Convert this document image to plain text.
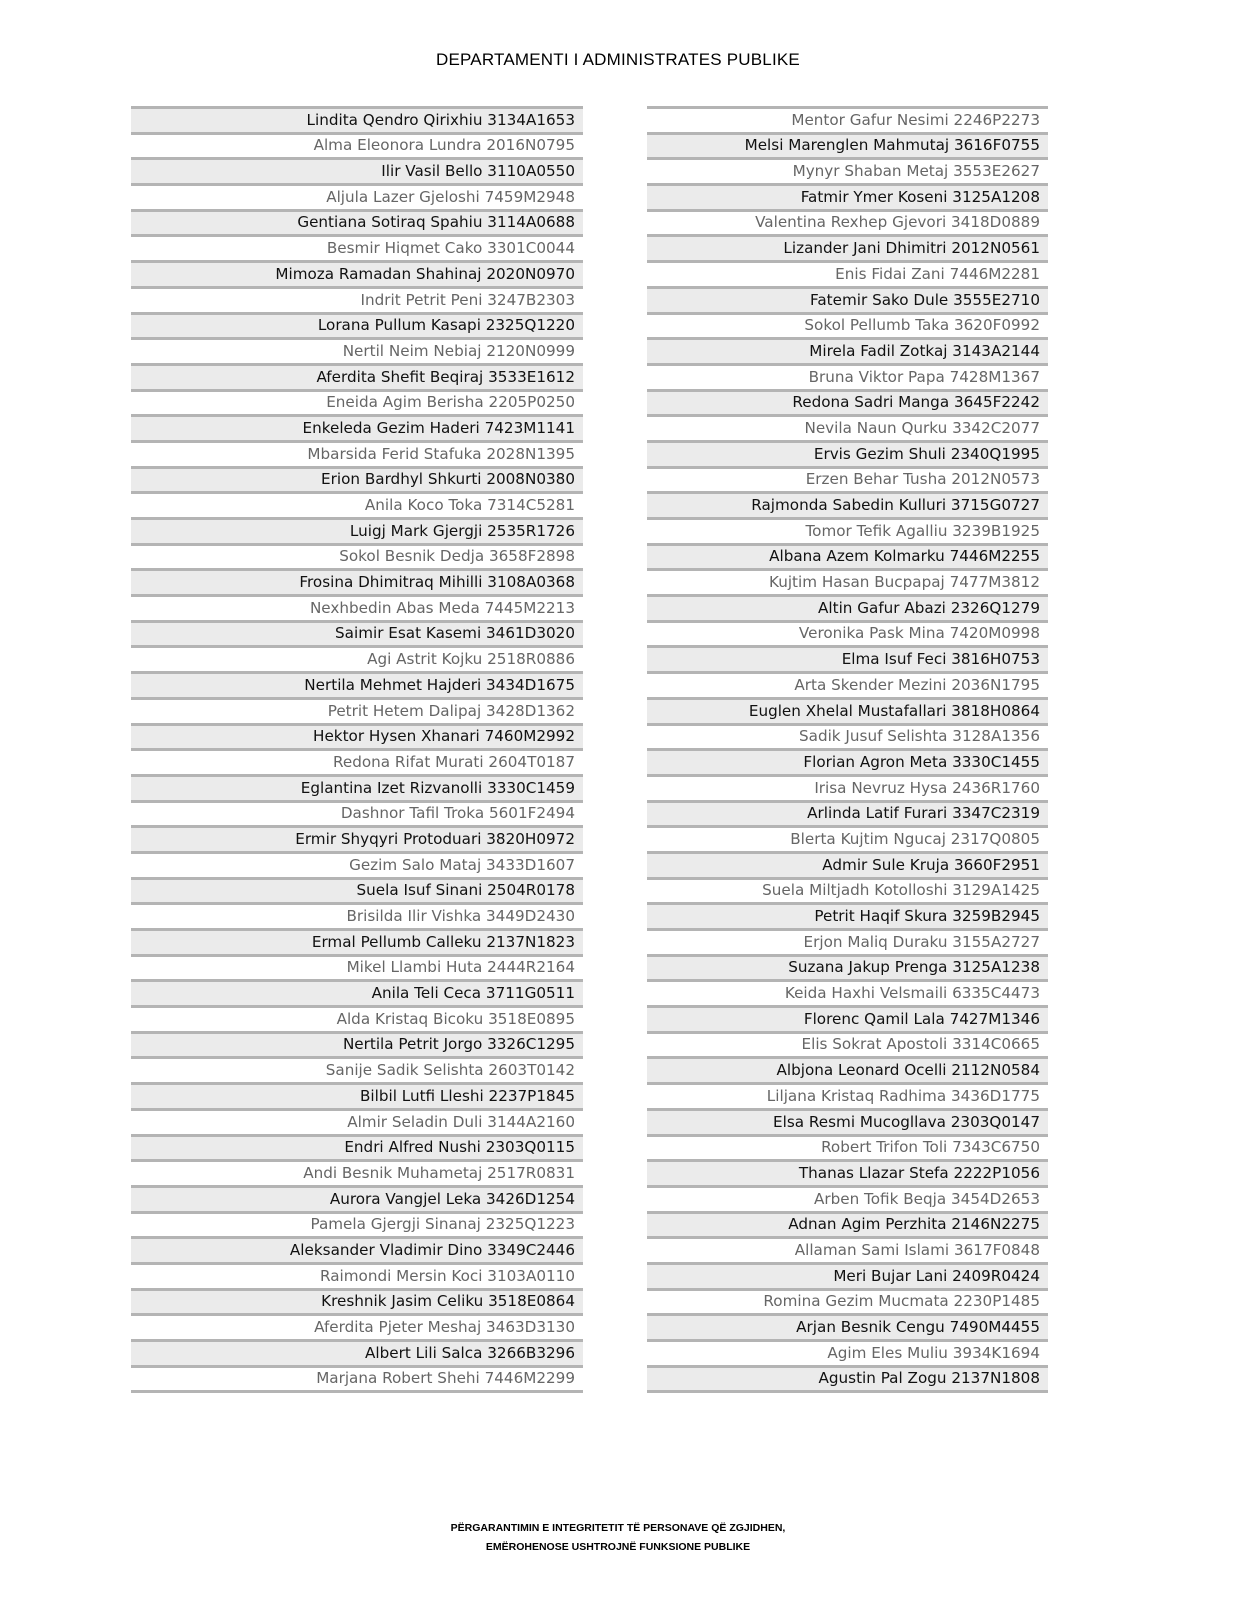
DEPARTAMENTI I ADMINISTRATES PUBLIKE
Lindita Qendro Qirixhiu 3134A1653
Alma Eleonora Lundra 2016N0795
Ilir Vasil Bello 3110A0550
Aljula Lazer Gjeloshi 7459M2948
Gentiana Sotiraq Spahiu 3114A0688
Besmir Hiqmet Cako 3301C0044
Mimoza Ramadan Shahinaj 2020N0970
Indrit Petrit Peni 3247B2303
Lorana Pullum Kasapi 2325Q1220
Nertil Neim Nebiaj 2120N0999
Aferdita Shefit Beqiraj 3533E1612
Eneida Agim Berisha 2205P0250
Enkeleda Gezim Haderi 7423M1141
Mbarsida Ferid Stafuka 2028N1395
Erion Bardhyl Shkurti 2008N0380
Anila Koco Toka 7314C5281
Luigj Mark Gjergji 2535R1726
Sokol Besnik Dedja 3658F2898
Frosina Dhimitraq Mihilli 3108A0368
Nexhbedin Abas Meda 7445M2213
Saimir Esat Kasemi 3461D3020
Agi Astrit Kojku 2518R0886
Nertila Mehmet Hajderi 3434D1675
Petrit Hetem Dalipaj 3428D1362
Hektor Hysen Xhanari 7460M2992
Redona Rifat Murati 2604T0187
Eglantina Izet Rizvanolli 3330C1459
Dashnor Tafil Troka 5601F2494
Ermir Shyqyri Protoduari 3820H0972
Gezim Salo Mataj 3433D1607
Suela Isuf Sinani 2504R0178
Brisilda Ilir Vishka 3449D2430
Ermal Pellumb Calleku 2137N1823
Mikel Llambi Huta 2444R2164
Anila Teli Ceca 3711G0511
Alda Kristaq Bicoku 3518E0895
Nertila Petrit Jorgo 3326C1295
Sanije Sadik Selishta 2603T0142
Bilbil Lutfi Lleshi 2237P1845
Almir Seladin Duli 3144A2160
Endri Alfred Nushi 2303Q0115
Andi Besnik Muhametaj 2517R0831
Aurora Vangjel Leka 3426D1254
Pamela Gjergji Sinanaj 2325Q1223
Aleksander Vladimir Dino 3349C2446
Raimondi Mersin Koci 3103A0110
Kreshnik Jasim Celiku 3518E0864
Aferdita Pjeter Meshaj 3463D3130
Albert Lili Salca 3266B3296
Marjana Robert Shehi 7446M2299
Mentor Gafur Nesimi 2246P2273
Melsi Marenglen Mahmutaj 3616F0755
Mynyr Shaban Metaj 3553E2627
Fatmir Ymer Koseni 3125A1208
Valentina Rexhep Gjevori 3418D0889
Lizander Jani Dhimitri 2012N0561
Enis Fidai Zani 7446M2281
Fatemir Sako Dule 3555E2710
Sokol Pellumb Taka 3620F0992
Mirela Fadil Zotkaj 3143A2144
Bruna Viktor Papa 7428M1367
Redona Sadri Manga 3645F2242
Nevila Naun Qurku 3342C2077
Ervis Gezim Shuli 2340Q1995
Erzen Behar Tusha 2012N0573
Rajmonda Sabedin Kulluri 3715G0727
Tomor Tefik Agalliu 3239B1925
Albana Azem Kolmarku 7446M2255
Kujtim Hasan Bucpapaj 7477M3812
Altin Gafur Abazi 2326Q1279
Veronika Pask Mina 7420M0998
Elma Isuf Feci 3816H0753
Arta Skender Mezini 2036N1795
Euglen Xhelal Mustafallari 3818H0864
Sadik Jusuf Selishta 3128A1356
Florian Agron Meta 3330C1455
Irisa Nevruz Hysa 2436R1760
Arlinda Latif Furari 3347C2319
Blerta Kujtim Ngucaj 2317Q0805
Admir Sule Kruja 3660F2951
Suela Miltjadh Kotolloshi 3129A1425
Petrit Haqif Skura 3259B2945
Erjon Maliq Duraku 3155A2727
Suzana Jakup Prenga 3125A1238
Keida Haxhi Velsmaili 6335C4473
Florenc Qamil Lala 7427M1346
Elis Sokrat Apostoli 3314C0665
Albjona Leonard Ocelli 2112N0584
Liljana Kristaq Radhima 3436D1775
Elsa Resmi Mucogllava 2303Q0147
Robert Trifon Toli 7343C6750
Thanas Llazar Stefa 2222P1056
Arben Tofik Beqja 3454D2653
Adnan Agim Perzhita 2146N2275
Allaman Sami Islami 3617F0848
Meri Bujar Lani 2409R0424
Romina Gezim Mucmata 2230P1485
Arjan Besnik Cengu 7490M4455
Agim Eles Muliu 3934K1694
Agustin Pal Zogu 2137N1808
PËRGARANTIMIN E INTEGRITETIT TË PERSONAVE QË ZGJIDHEN,
EMËROHENOSE USHTROJNË FUNKSIONE PUBLIKE
